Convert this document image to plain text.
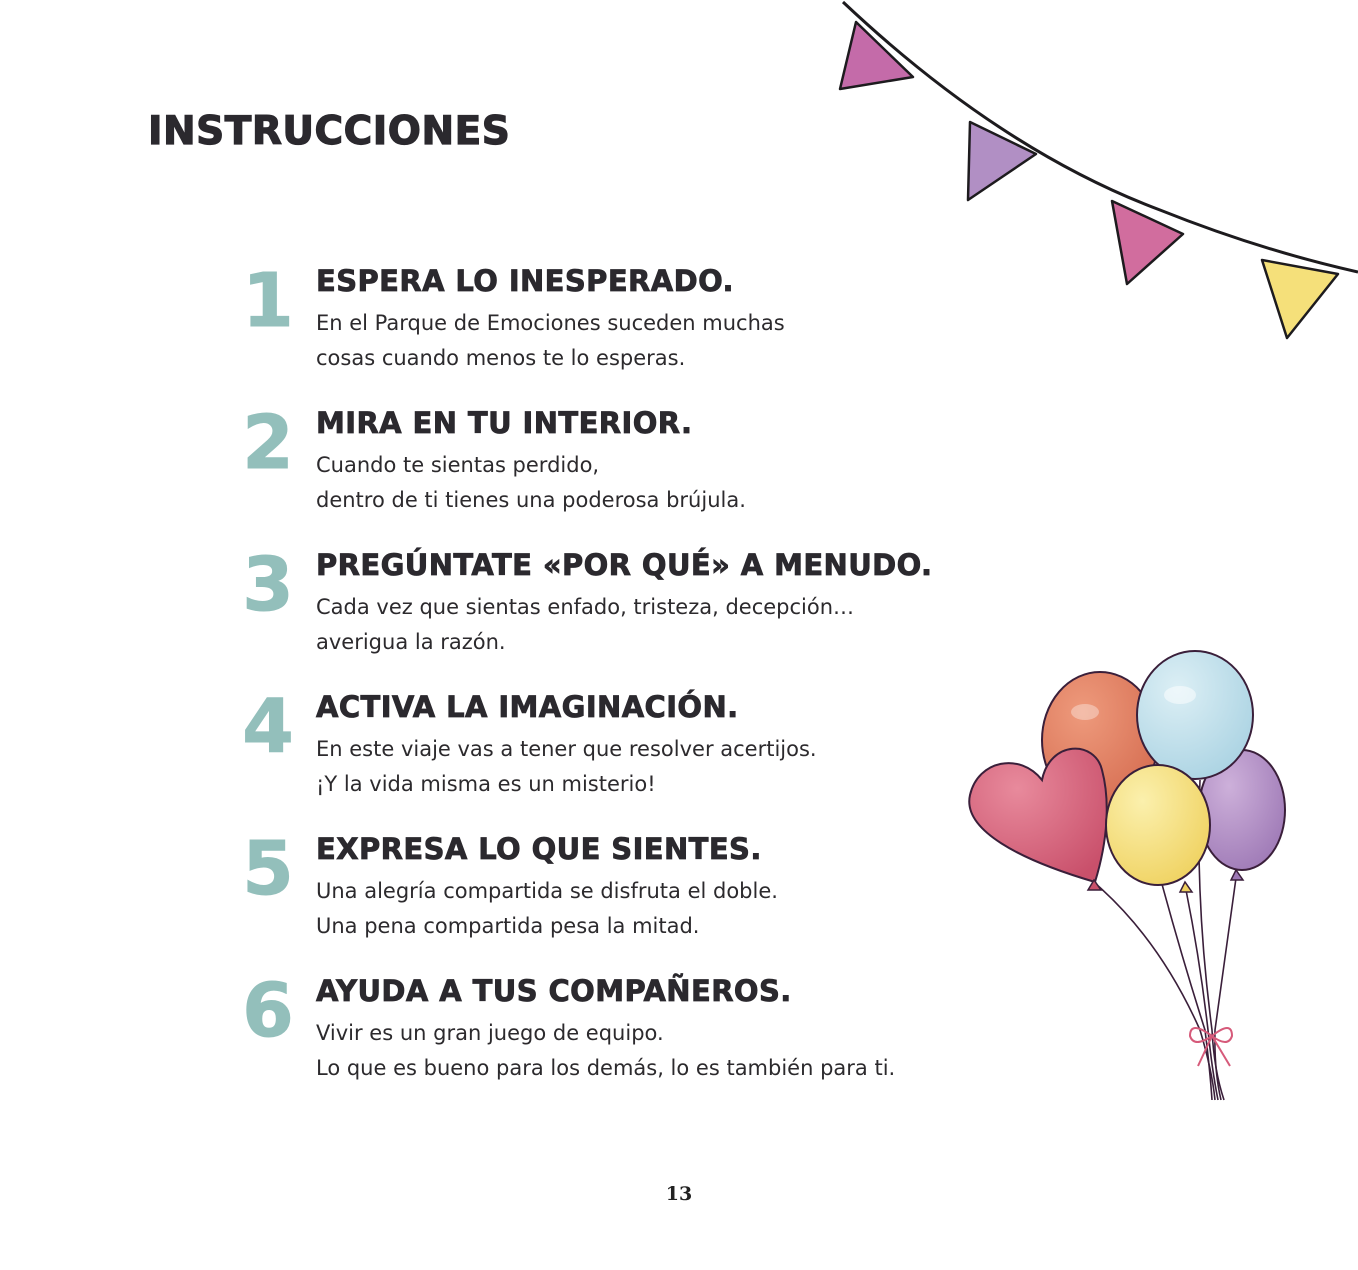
INSTRUCCIONES
1 ESPERA LO INESPERADO.
En el Parque de Emociones suceden muchas
cosas cuando menos te lo esperas.
2 MIRA EN TU INTERIOR.
Cuando te sientas perdido,
dentro de ti tienes una poderosa brújula.
3 PREGÚNTATE «POR QUÉ» A MENUDO.
Cada vez que sientas enfado, tristeza, decepción…
averigua la razón.
4 ACTIVA LA IMAGINACIÓN.
En este viaje vas a tener que resolver acertijos.
¡Y la vida misma es un misterio!
5 EXPRESA LO QUE SIENTES.
Una alegría compartida se disfruta el doble.
Una pena compartida pesa la mitad.
6 AYUDA A TUS COMPAÑEROS.
Vivir es un gran juego de equipo.
Lo que es bueno para los demás, lo es también para ti.
13
